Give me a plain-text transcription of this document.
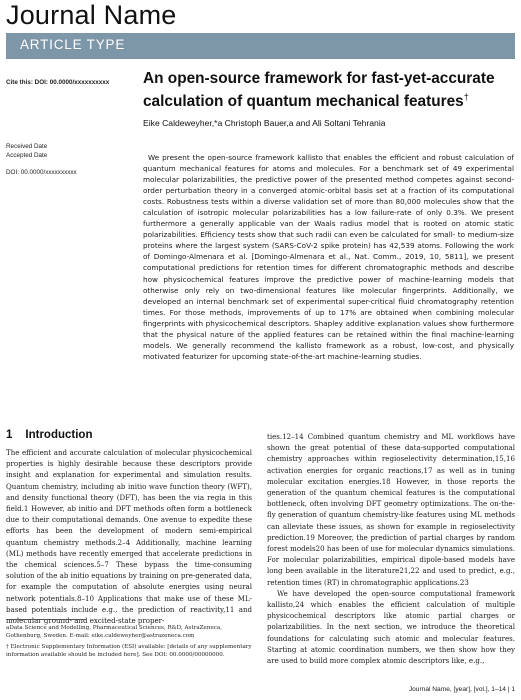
Journal Name
ARTICLE TYPE
Cite this: DOI: 00.0000/xxxxxxxxxx
Received Date
Accepted Date
DOI: 00.0000/xxxxxxxxxx
An open-source framework for fast-yet-accurate calculation of quantum mechanical features†
Eike Caldeweyher,*a Christoph Bauer,a and Ali Soltani Tehrania

We present the open-source framework kallisto that enables the efficient and robust calculation of quantum mechanical features for atoms and molecules. For a benchmark set of 49 experimental molecular polarizabilities, the predictive power of the presented method competes against second-order perturbation theory in a converged atomic-orbital basis set at a fraction of its computational costs. Robustness tests within a diverse validation set of more than 80,000 molecules show that the calculation of isotropic molecular polarizabilities has a low failure-rate of only 0.3%. We present furthermore a generally applicable van der Waals radius model that is rooted on atomic static polarizabilities. Efficiency tests show that such radii can even be calculated for small- to medium-size proteins where the largest system (SARS-CoV-2 spike protein) has 42,539 atoms. Following the work of Domingo-Almenara et al. [Domingo-Almenara et al., Nat. Comm., 2019, 10, 5811], we present computational predictions for retention times for different chromatographic methods and describe how physicochemical features improve the predictive power of machine-learning models that otherwise only rely on two-dimensional features like molecular fingerprints. Additionally, we developed an internal benchmark set of experimental super-critical fluid chromatography retention times. For those methods, improvements of up to 17% are obtained when combining molecular fingerprints with physicochemical descriptors. Shapley additive explanation values show furthermore that the physical nature of the applied features can be retained within the final machine-learning models. We generally recommend the kallisto framework as a robust, low-cost, and physically motivated featurizer for upcoming state-of-the-art machine-learning studies.

1 Introduction

The efficient and accurate calculation of molecular physicochemical properties is highly desirable because these descriptors provide insight and explanation for experimental and simulation results. Quantum chemistry, including ab initio wave function theory (WFT), and density functional theory (DFT), has been the via regia in this field.1 However, ab initio and DFT methods often form a bottleneck due to their computational demands. One avenue to expedite these efforts has been the development of modern semi-empirical quantum chemistry methods.2–4 Additionally, machine learning (ML) methods have recently emerged that accelerate predictions in the chemical sciences.5–7 These bypass the time-consuming solution of the ab initio equations by training on pre-generated data, for example the computation of absolute energies using neural network potentials.8–10 Applications that make use of these ML-based potentials include e.g., the prediction of reactivity,11 and molecular ground- and excited-state proper-

ties.12–14 Combined quantum chemistry and ML workflows have shown the great potential of these data-supported computational chemistry approaches within regioselectivity determination,15,16 activation energies for organic reactions,17 as well as in tuning molecular excitation energies.18 However, in those reports the generation of the quantum chemical features is the computational bottleneck, often involving DFT geometry optimizations. The on-the-fly generation of quantum chemistry-like features using ML methods can alleviate these issues, as shown for example in regioselectivity prediction.19 Moreover, the prediction of partial charges by random forest models20 has been of use for molecular dynamics simulations. For molecular polarizabilities, empirical dipole-based models have long been available in the literature21,22 and used to predict, e.g., retention times (RT) in chromatographic applications.23

We have developed the open-source computational framework kallisto,24 which enables the efficient calculation of multiple physicochemical descriptors like atomic partial charges or polarizabilities. In the next section, we introduce the theoretical foundations for calculating such atomic and molecular features. Starting at atomic coordination numbers, we then show how they are used to build more complex atomic descriptors like, e.g.,

aData Science and Modelling, Pharmaceutical Sciences, R&D, AstraZeneca, Gothenburg, Sweden. E-mail: eike.caldeweyher@astrazeneca.com

† Electronic Supplementary Information (ESI) available: [details of any supplementary information available should be included here]. See DOI: 00.0000/00000000.

Journal Name, [year], [vol.], 1–14 | 1
